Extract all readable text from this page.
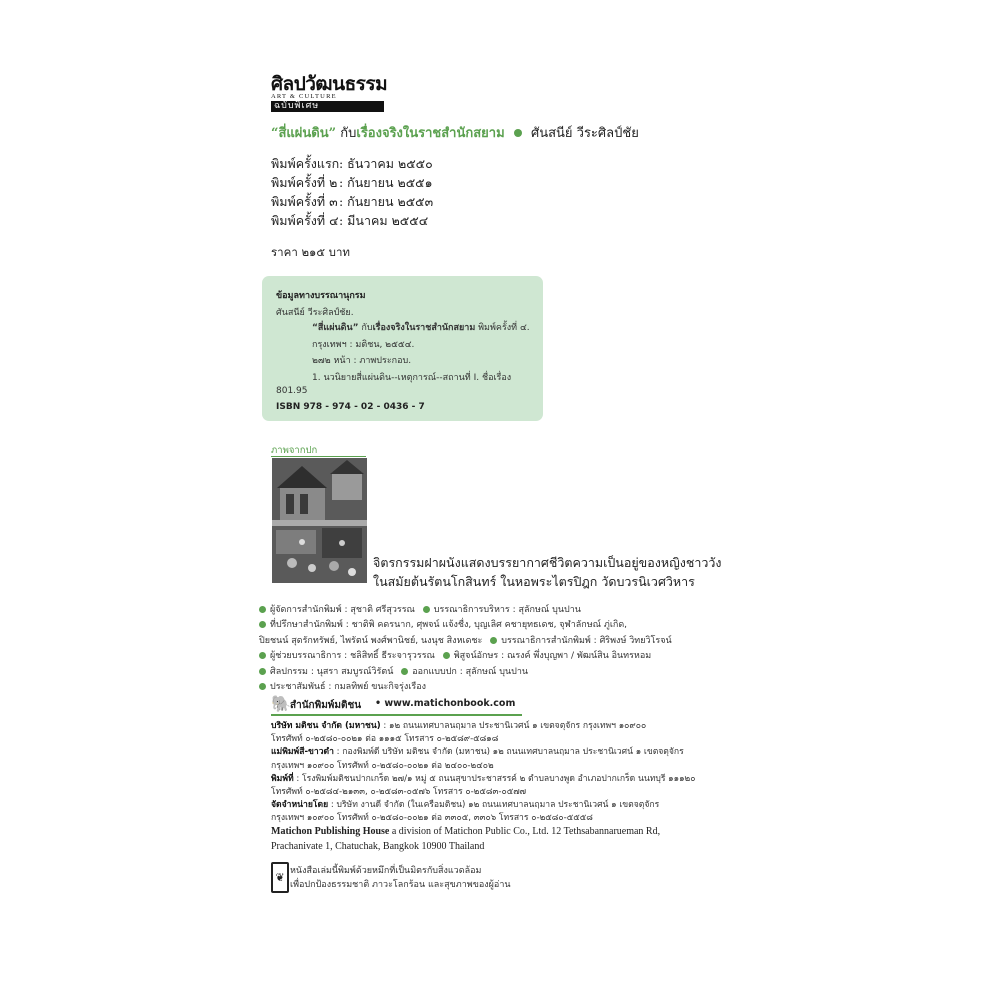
ศิลปวัฒนธรรม
ART & CULTURE
ฉบับพิเศษ
“สี่แผ่นดิน” กับเรื่องจริงในราชสำนักสยาม ศันสนีย์ วีระศิลป์ชัย
พิมพ์ครั้งแรก : ธันวาคม ๒๕๕๐
พิมพ์ครั้งที่ ๒ : กันยายน ๒๕๕๑
พิมพ์ครั้งที่ ๓ : กันยายน ๒๕๕๓
พิมพ์ครั้งที่ ๔ : มีนาคม ๒๕๕๔
ราคา ๒๑๕ บาท
ข้อมูลทางบรรณานุกรม
ศันสนีย์ วีระศิลป์ชัย.
“สี่แผ่นดิน” กับเรื่องจริงในราชสำนักสยาม พิมพ์ครั้งที่ ๔.
กรุงเทพฯ : มติชน, ๒๕๕๔.
๒๗๒ หน้า : ภาพประกอบ.
1. นวนิยายสี่แผ่นดิน--เหตุการณ์--สถานที่ I. ชื่อเรื่อง
801.95
ISBN 978 - 974 - 02 - 0436 - 7
ภาพจากปก
จิตรกรรมฝาผนังแสดงบรรยากาศชีวิตความเป็นอยู่ของหญิงชาววัง
ในสมัยต้นรัตนโกสินทร์ ในหอพระไตรปิฎก วัดบวรนิเวศวิหาร
ผู้จัดการสำนักพิมพ์ : สุชาติ ศรีสุวรรณ บรรณาธิการบริหาร : สุลักษณ์ บุนปาน
ที่ปรึกษาสำนักพิมพ์ : ชาติพิ คดรนาก, ศุพจน์ แจ้งชื่ง, บุญเลิศ คชายุทธเดช, จุฬาลักษณ์ ภู่เกิด,
ปิยชนน์ สุดรักทรัพย์, ไพรัตน์ พงศ์พานิชย์, นงนุช สิงหเดชะ บรรณาธิการสำนักพิมพ์ : ศิริพงษ์ วิทยวิโรจน์
ผู้ช่วยบรรณาธิการ : ชลิสิทธิ์ ธีระจารุวรรณ พิสูจน์อักษร : ณรงค์ พึ่งบุญพา / พัฒน์สิน อินทรหอม
ศิลปกรรม : นุสรา สมบูรณ์วิรัตน์ ออกแบบปก : สุลักษณ์ บุนปาน
ประชาสัมพันธ์ : กมลทิพย์ ขนะกิจรุ่งเรือง
🐘 สำนักพิมพ์มติชน • www.matichonbook.com
บริษัท มติชน จำกัด (มหาชน) : ๑๒ ถนนเทศบาลนฤมาล ประชานิเวศน์ ๑ เขตจตุจักร กรุงเทพฯ ๑๐๙๐๐
โทรศัพท์ ๐-๒๕๘๐-๐๐๒๑ ต่อ ๑๑๑๕ โทรสาร ๐-๒๕๘๙-๕๘๑๘
แม่พิมพ์สี-ขาวดำ : กองพิมพ์ดี บริษัท มติชน จำกัด (มหาชน) ๑๒ ถนนเทศบาลนฤมาล ประชานิเวศน์ ๑ เขตจตุจักร
กรุงเทพฯ ๑๐๙๐๐ โทรศัพท์ ๐-๒๕๘๐-๐๐๒๑ ต่อ ๒๔๐๐-๒๔๐๒
พิมพ์ที่ : โรงพิมพ์มติชนปากเกร็ด ๒๗/๑ หมู่ ๕ ถนนสุขาประชาสรรค์ ๒ ตำบลบางพูด อำเภอปากเกร็ด นนทบุรี ๑๑๑๒๐
โทรศัพท์ ๐-๒๕๘๔-๒๑๓๓, ๐-๒๕๘๓-๐๕๗๖ โทรสาร ๐-๒๕๘๓-๐๕๗๗
จัดจำหน่ายโดย : บริษัท งานดี จำกัด (ในเครือมติชน) ๑๒ ถนนเทศบาลนฤมาล ประชานิเวศน์ ๑ เขตจตุจักร
กรุงเทพฯ ๑๐๙๐๐ โทรศัพท์ ๐-๒๕๘๐-๐๐๒๑ ต่อ ๓๓๐๕, ๓๓๐๖ โทรสาร ๐-๒๕๘๐-๕๕๕๘
Matichon Publishing House a division of Matichon Public Co., Ltd. 12 Tethsabannarueman Rd,
Prachanivate 1, Chatuchak, Bangkok 10900 Thailand
❦ หนังสือเล่มนี้พิมพ์ด้วยหมึกที่เป็นมิตรกับสิ่งแวดล้อม
เพื่อปกป้องธรรมชาติ ภาวะโลกร้อน และสุขภาพของผู้อ่าน
